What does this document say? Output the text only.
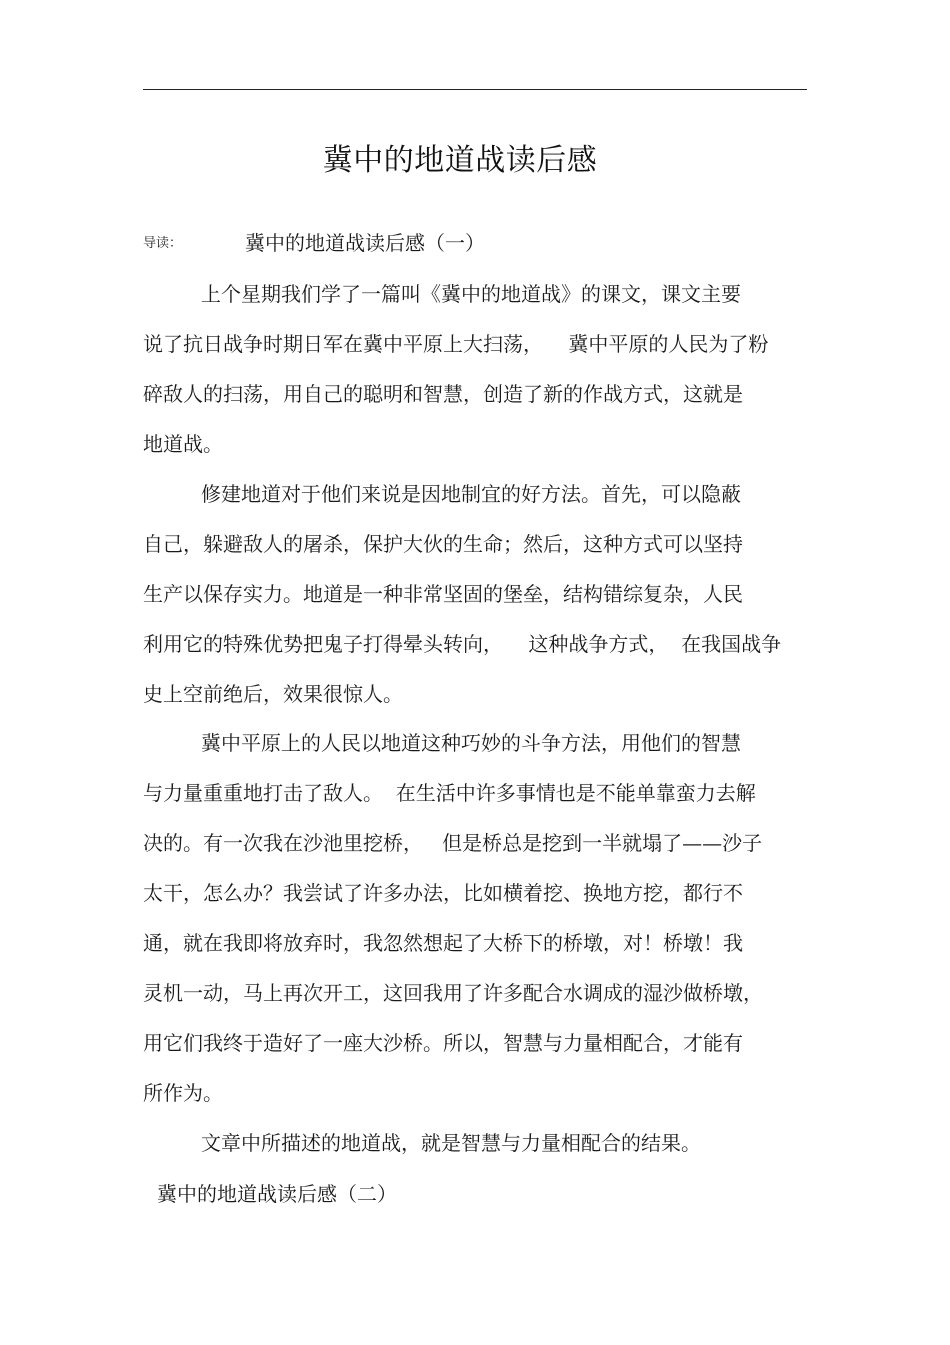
冀中的地道战读后感
导读：	冀中的地道战读后感（一）
上个星期我们学了一篇叫《冀中的地道战》的课文，课文主要
说了抗日战争时期日军在冀中平原上大扫荡，    冀中平原的人民为了粉
碎敌人的扫荡，用自己的聪明和智慧，创造了新的作战方式，这就是
地道战。
修建地道对于他们来说是因地制宜的好方法。首先，可以隐蔽
自己，躲避敌人的屠杀，保护大伙的生命；然后，这种方式可以坚持
生产以保存实力。地道是一种非常坚固的堡垒，结构错综复杂，人民
利用它的特殊优势把鬼子打得晕头转向，    这种战争方式，  在我国战争
史上空前绝后，效果很惊人。
冀中平原上的人民以地道这种巧妙的斗争方法，用他们的智慧
与力量重重地打击了敌人。  在生活中许多事情也是不能单靠蛮力去解
决的。有一次我在沙池里挖桥，   但是桥总是挖到一半就塌了——沙子
太干，怎么办？我尝试了许多办法，比如横着挖、换地方挖，都行不
通，就在我即将放弃时，我忽然想起了大桥下的桥墩，对！桥墩！我
灵机一动，马上再次开工，这回我用了许多配合水调成的湿沙做桥墩，
用它们我终于造好了一座大沙桥。所以，智慧与力量相配合，才能有
所作为。
文章中所描述的地道战，就是智慧与力量相配合的结果。
冀中的地道战读后感（二）
